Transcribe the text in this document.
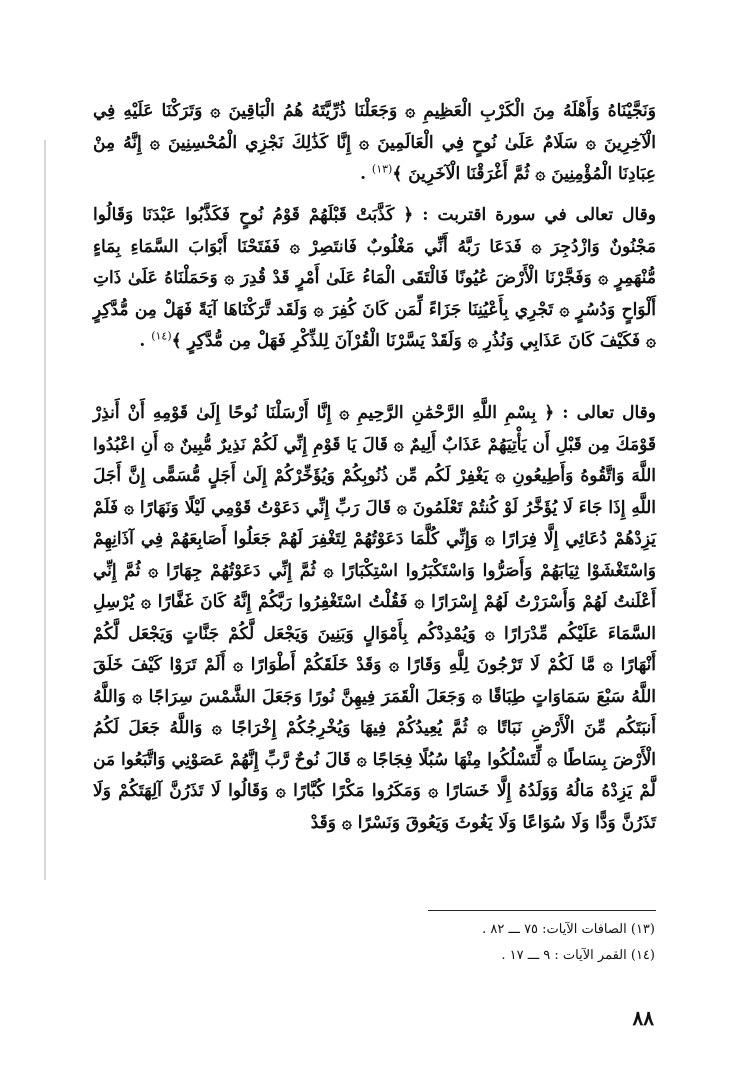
وَنَجَّيْنَاهُ وَأَهْلَهُ مِنَ الْكَرْبِ الْعَظِيمِ ۞ وَجَعَلْنَا ذُرِّيَّتَهُ هُمُ الْبَاقِينَ ۞ وَتَرَكْنَا عَلَيْهِ فِي الْآخِرِينَ ۞ سَلَامٌ عَلَىٰ نُوحٍ فِي الْعَالَمِينَ ۞ إِنَّا كَذَٰلِكَ نَجْزِي الْمُحْسِنِينَ ۞ إِنَّهُ مِنْ عِبَادِنَا الْمُؤْمِنِينَ ۞ ثُمَّ أَغْرَقْنَا الْآخَرِينَ ﴾$^{(١٣)}$ .
وقال تعالى في سورة اقتربت : ﴿ كَذَّبَتْ قَبْلَهُمْ قَوْمُ نُوحٍ فَكَذَّبُوا عَبْدَنَا وَقَالُوا مَجْنُونٌ وَازْدُجِرَ ۞ فَدَعَا رَبَّهُ أَنِّي مَغْلُوبٌ فَانتَصِرْ ۞ فَفَتَحْنَا أَبْوَابَ السَّمَاءِ بِمَاءٍ مُّنْهَمِرٍ ۞ وَفَجَّرْنَا الْأَرْضَ عُيُونًا فَالْتَقَى الْمَاءُ عَلَىٰ أَمْرٍ قَدْ قُدِرَ ۞ وَحَمَلْنَاهُ عَلَىٰ ذَاتِ أَلْوَاحٍ وَدُسُرٍ ۞ تَجْرِي بِأَعْيُنِنَا جَزَاءً لِّمَن كَانَ كُفِرَ ۞ وَلَقَد تَّرَكْنَاهَا آيَةً فَهَلْ مِن مُّدَّكِرٍ ۞ فَكَيْفَ كَانَ عَذَابِي وَنُذُرِ ۞ وَلَقَدْ يَسَّرْنَا الْقُرْآنَ لِلذِّكْرِ فَهَلْ مِن مُّدَّكِرٍ ﴾$^{(١٤)}$ .
وقال تعالى : ﴿ بِسْمِ اللَّهِ الرَّحْمَٰنِ الرَّحِيمِ ۞ إِنَّا أَرْسَلْنَا نُوحًا إِلَىٰ قَوْمِهِ أَنْ أَنذِرْ قَوْمَكَ مِن قَبْلِ أَن يَأْتِيَهُمْ عَذَابٌ أَلِيمٌ ۞ قَالَ يَا قَوْمِ إِنِّي لَكُمْ نَذِيرٌ مُّبِينٌ ۞ أَنِ اعْبُدُوا اللَّهَ وَاتَّقُوهُ وَأَطِيعُونِ ۞ يَغْفِرْ لَكُم مِّن ذُنُوبِكُمْ وَيُؤَخِّرْكُمْ إِلَىٰ أَجَلٍ مُّسَمًّى إِنَّ أَجَلَ اللَّهِ إِذَا جَاءَ لَا يُؤَخَّرُ لَوْ كُنتُمْ تَعْلَمُونَ ۞ قَالَ رَبِّ إِنِّي دَعَوْتُ قَوْمِي لَيْلًا وَنَهَارًا ۞ فَلَمْ يَزِدْهُمْ دُعَائِي إِلَّا فِرَارًا ۞ وَإِنِّي كُلَّمَا دَعَوْتُهُمْ لِتَغْفِرَ لَهُمْ جَعَلُوا أَصَابِعَهُمْ فِي آذَانِهِمْ وَاسْتَغْشَوْا ثِيَابَهُمْ وَأَصَرُّوا وَاسْتَكْبَرُوا اسْتِكْبَارًا ۞ ثُمَّ إِنِّي دَعَوْتُهُمْ جِهَارًا ۞ ثُمَّ إِنِّي أَعْلَنتُ لَهُمْ وَأَسْرَرْتُ لَهُمْ إِسْرَارًا ۞ فَقُلْتُ اسْتَغْفِرُوا رَبَّكُمْ إِنَّهُ كَانَ غَفَّارًا ۞ يُرْسِلِ السَّمَاءَ عَلَيْكُم مِّدْرَارًا ۞ وَيُمْدِدْكُم بِأَمْوَالٍ وَبَنِينَ وَيَجْعَل لَّكُمْ جَنَّاتٍ وَيَجْعَل لَّكُمْ أَنْهَارًا ۞ مَّا لَكُمْ لَا تَرْجُونَ لِلَّهِ وَقَارًا ۞ وَقَدْ خَلَقَكُمْ أَطْوَارًا ۞ أَلَمْ تَرَوْا كَيْفَ خَلَقَ اللَّهُ سَبْعَ سَمَاوَاتٍ طِبَاقًا ۞ وَجَعَلَ الْقَمَرَ فِيهِنَّ نُورًا وَجَعَلَ الشَّمْسَ سِرَاجًا ۞ وَاللَّهُ أَنبَتَكُم مِّنَ الْأَرْضِ نَبَاتًا ۞ ثُمَّ يُعِيدُكُمْ فِيهَا وَيُخْرِجُكُمْ إِخْرَاجًا ۞ وَاللَّهُ جَعَلَ لَكُمُ الْأَرْضَ بِسَاطًا ۞ لِّتَسْلُكُوا مِنْهَا سُبُلًا فِجَاجًا ۞ قَالَ نُوحٌ رَّبِّ إِنَّهُمْ عَصَوْنِي وَاتَّبَعُوا مَن لَّمْ يَزِدْهُ مَالُهُ وَوَلَدُهُ إِلَّا خَسَارًا ۞ وَمَكَرُوا مَكْرًا كُبَّارًا ۞ وَقَالُوا لَا تَذَرُنَّ آلِهَتَكُمْ وَلَا تَذَرُنَّ وَدًّا وَلَا سُوَاعًا وَلَا يَغُوثَ وَيَعُوقَ وَنَسْرًا ۞ وَقَدْ
(١٣) الصافات الآيات: ٧٥ ـــ ٨٢ .
(١٤) القمر الآيات : ٩ ـــ ١٧ .
٨٨
